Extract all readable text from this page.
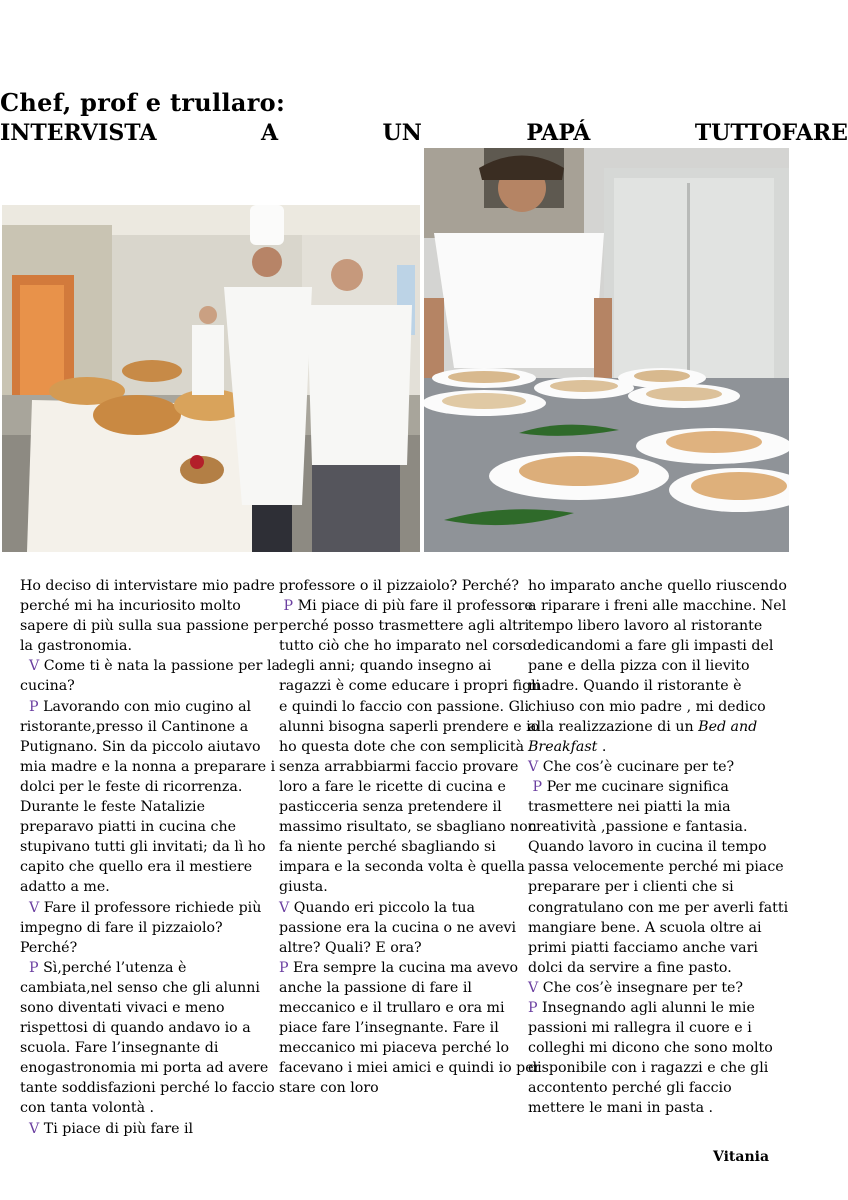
Chef, prof e trullaro:
INTERVISTA	A	UN	PAPÁ	TUTTOFARE

Ho deciso di intervistare mio padre perché mi ha incuriosito molto sapere di più sulla sua passione per la gastronomia.

V Come ti è nata la passione per la cucina?

P Lavorando con mio cugino al ristorante,presso il Cantinone a Putignano. Sin da piccolo aiutavo mia madre e la nonna a preparare i dolci per le feste di ricorrenza. Durante le feste Natalizie preparavo piatti in cucina che stupivano tutti gli invitati; da lì ho capito che quello era il mestiere adatto a me.

V Fare il professore richiede più impegno di fare il pizzaiolo? Perché?

P Sì,perché l’utenza è cambiata,nel senso che gli alunni sono diventati vivaci e meno rispettosi di quando andavo io a scuola. Fare l’insegnante di enogastronomia mi porta ad avere tante soddisfazioni perché lo faccio con tanta volontà .

V Ti piace di più fare il

professore o il pizzaiolo? Perché?

P Mi piace di più fare il professore perché posso trasmettere agli altri tutto ciò che ho imparato nel corso degli anni; quando insegno ai ragazzi è come educare i propri figli e quindi lo faccio con passione. Gli alunni bisogna saperli prendere e io ho questa dote che con semplicità senza arrabbiarmi faccio provare loro a fare le ricette di cucina e pasticceria senza pretendere il massimo risultato, se sbagliano non fa niente perché sbagliando si impara e la seconda volta è quella giusta.

V Quando eri piccolo la tua passione era la cucina o ne avevi altre? Quali? E ora?

P Era sempre la cucina ma avevo anche la passione di fare il meccanico e il trullaro e ora mi piace fare l’insegnante. Fare il meccanico mi piaceva perché lo facevano i miei amici e quindi io per stare con loro

ho imparato anche quello riuscendo a riparare i freni alle macchine. Nel tempo libero lavoro al ristorante dedicandomi a fare gli impasti del pane e della pizza con il lievito madre. Quando il ristorante è chiuso con mio padre , mi dedico alla realizzazione di un Bed and Breakfast .

V Che cos’è cucinare per te?

P Per me cucinare significa trasmettere nei piatti la mia creatività ,passione e fantasia. Quando lavoro in cucina il tempo passa velocemente perché mi piace preparare per i clienti che si congratulano con me per averli fatti mangiare bene. A scuola oltre ai primi piatti facciamo anche vari dolci da servire a fine pasto.

V Che cos’è insegnare per te?

P Insegnando agli alunni le mie passioni mi rallegra il cuore e i colleghi mi dicono che sono molto disponibile con i ragazzi e che gli accontento perché gli faccio mettere le mani in pasta .

Vitania
